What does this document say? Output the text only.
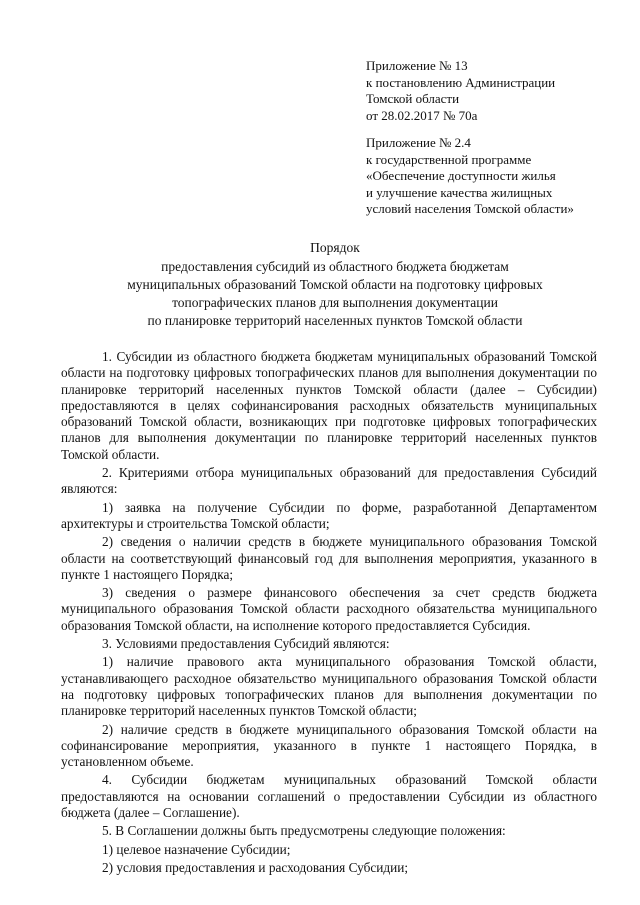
Приложение № 13
к постановлению Администрации
Томской области
от 28.02.2017 № 70а
Приложение № 2.4
к государственной программе
«Обеспечение доступности жилья
и улучшение качества жилищных
условий населения Томской области»
Порядок
предоставления субсидий из областного бюджета бюджетам
муниципальных образований Томской области на подготовку цифровых
топографических планов для выполнения документации
по планировке территорий населенных пунктов Томской области

1. Субсидии из областного бюджета бюджетам муниципальных образований Томской области на подготовку цифровых топографических планов для выполнения документации по планировке территорий населенных пунктов Томской области (далее – Субсидии) предоставляются в целях софинансирования расходных обязательств муниципальных образований Томской области, возникающих при подготовке цифровых топографических планов для выполнения документации по планировке территорий населенных пунктов Томской области.

2. Критериями отбора муниципальных образований для предоставления Субсидий являются:

1) заявка на получение Субсидии по форме, разработанной Департаментом архитектуры и строительства Томской области;

2) сведения о наличии средств в бюджете муниципального образования Томской области на соответствующий финансовый год для выполнения мероприятия, указанного в пункте 1 настоящего Порядка;

3) сведения о размере финансового обеспечения за счет средств бюджета муниципального образования Томской области расходного обязательства муниципального образования Томской области, на исполнение которого предоставляется Субсидия.

3. Условиями предоставления Субсидий являются:

1) наличие правового акта муниципального образования Томской области, устанавливающего расходное обязательство муниципального образования Томской области на подготовку цифровых топографических планов для выполнения документации по планировке территорий населенных пунктов Томской области;

2) наличие средств в бюджете муниципального образования Томской области на софинансирование мероприятия, указанного в пункте 1 настоящего Порядка, в установленном объеме.

4. Субсидии бюджетам муниципальных образований Томской области предоставляются на основании соглашений о предоставлении Субсидии из областного бюджета (далее – Соглашение).

5. В Соглашении должны быть предусмотрены следующие положения:

1) целевое назначение Субсидии;

2) условия предоставления и расходования Субсидии;
